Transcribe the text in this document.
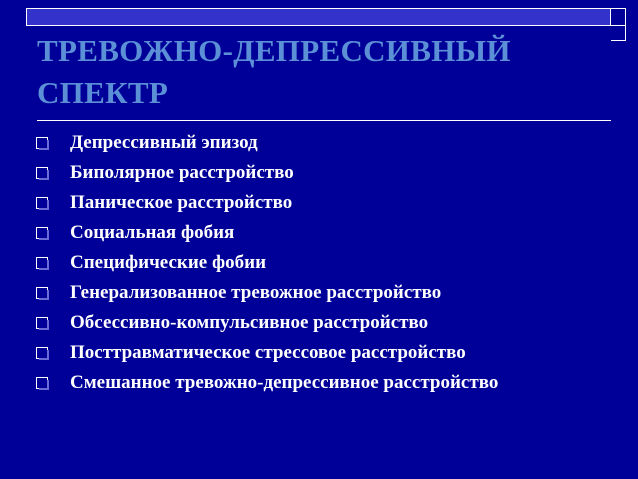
ТРЕВОЖНО-ДЕПРЕССИВНЫЙ СПЕКТР
Депрессивный эпизод
Биполярное расстройство
Паническое расстройство
Социальная фобия
Специфические фобии
Генерализованное тревожное расстройство
Обсессивно-компульсивное расстройство
Посттравматическое стрессовое расстройство
Смешанное тревожно-депрессивное расстройство
